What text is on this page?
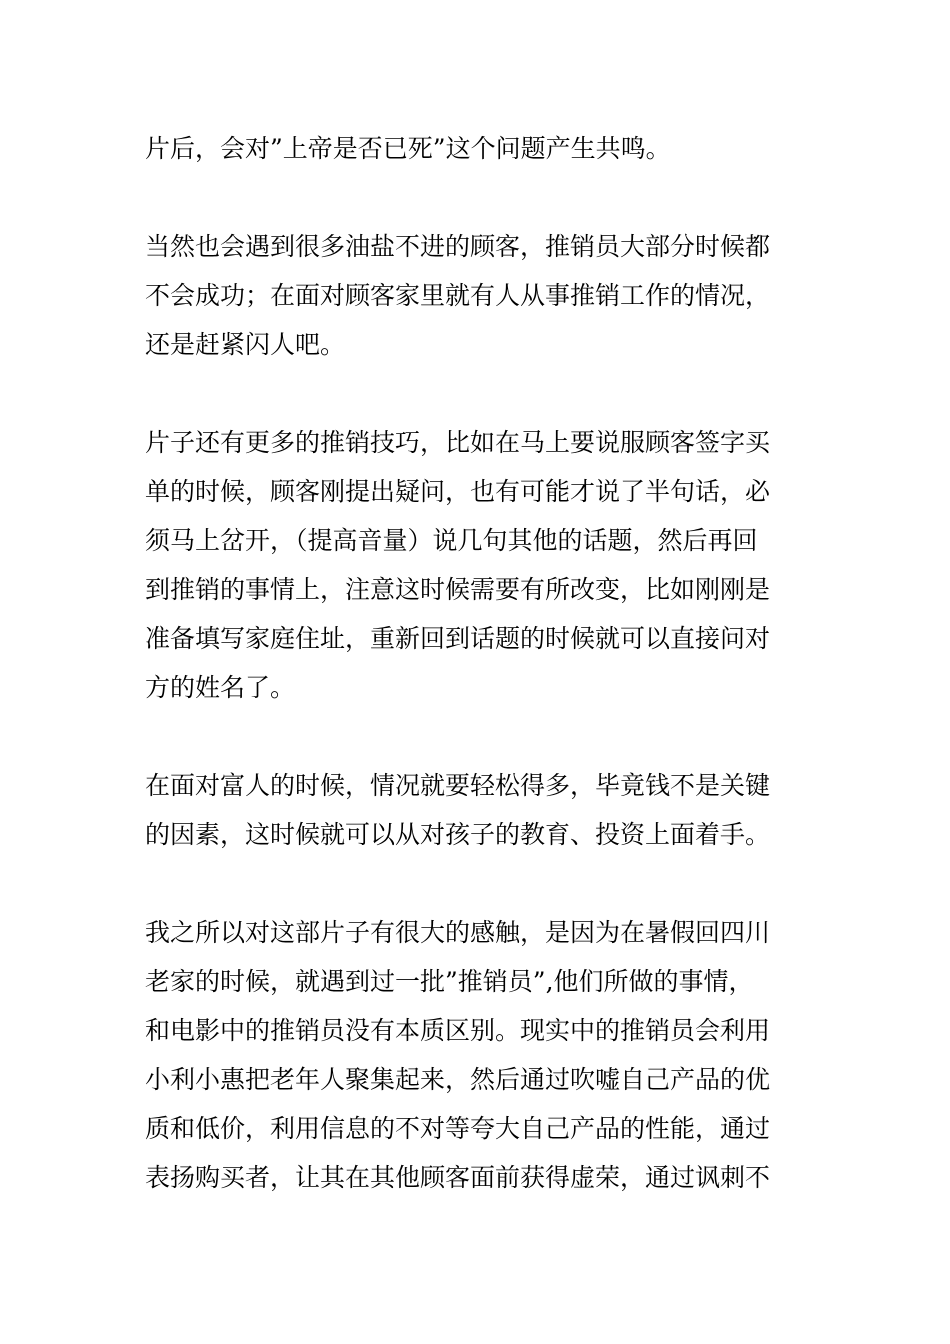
片后，会对”上帝是否已死”这个问题产生共鸣。

当然也会遇到很多油盐不进的顾客，推销员大部分时候都
不会成功；在面对顾客家里就有人从事推销工作的情况，
还是赶紧闪人吧。

片子还有更多的推销技巧，比如在马上要说服顾客签字买
单的时候，顾客刚提出疑问，也有可能才说了半句话，必
须马上岔开，（提高音量）说几句其他的话题，然后再回
到推销的事情上，注意这时候需要有所改变，比如刚刚是
准备填写家庭住址，重新回到话题的时候就可以直接问对
方的姓名了。

在面对富人的时候，情况就要轻松得多，毕竟钱不是关键
的因素，这时候就可以从对孩子的教育、投资上面着手。

我之所以对这部片子有很大的感触，是因为在暑假回四川
老家的时候，就遇到过一批”推销员”,他们所做的事情，
和电影中的推销员没有本质区别。现实中的推销员会利用
小利小惠把老年人聚集起来，然后通过吹嘘自己产品的优
质和低价，利用信息的不对等夸大自己产品的性能，通过
表扬购买者，让其在其他顾客面前获得虚荣，通过讽刺不
